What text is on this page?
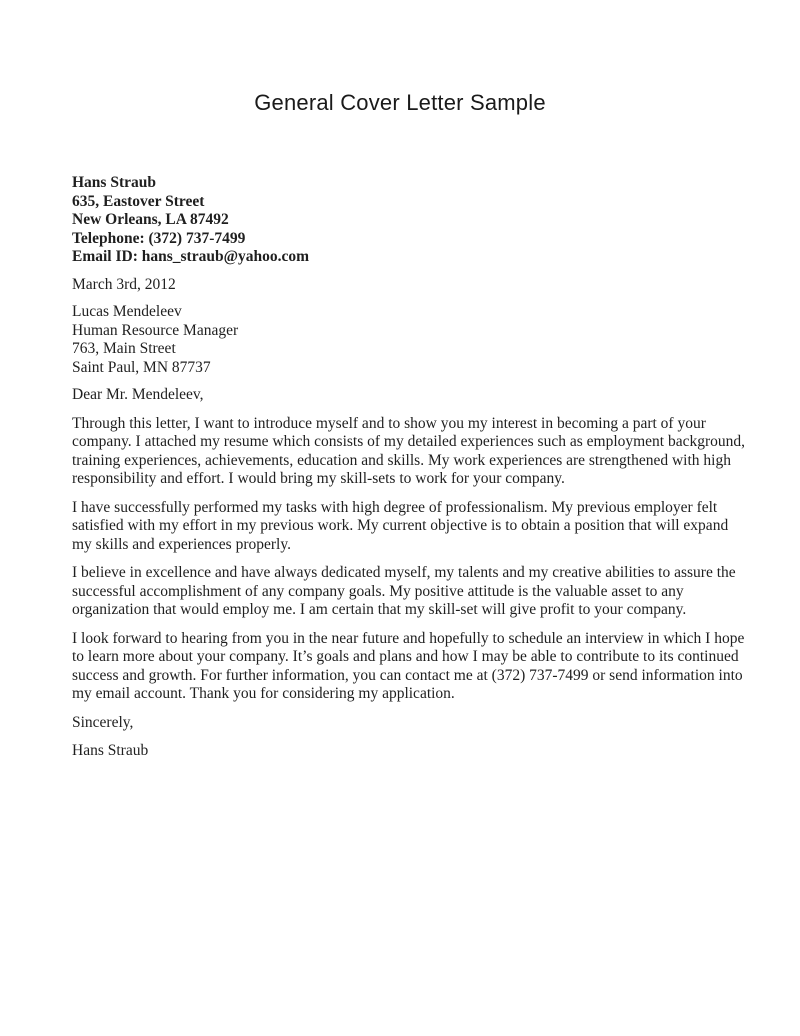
General Cover Letter Sample
Hans Straub
635, Eastover Street
New Orleans, LA 87492
Telephone: (372) 737-7499
Email ID: hans_straub@yahoo.com

March 3rd, 2012

Lucas Mendeleev
Human Resource Manager
763, Main Street
Saint Paul, MN 87737

Dear Mr. Mendeleev,

Through this letter, I want to introduce myself and to show you my interest in becoming a part of your company. I attached my resume which consists of my detailed experiences such as employment background, training experiences, achievements, education and skills. My work experiences are strengthened with high responsibility and effort. I would bring my skill-sets to work for your company.

I have successfully performed my tasks with high degree of professionalism. My previous employer felt satisfied with my effort in my previous work. My current objective is to obtain a position that will expand my skills and experiences properly.

I believe in excellence and have always dedicated myself, my talents and my creative abilities to assure the successful accomplishment of any company goals. My positive attitude is the valuable asset to any organization that would employ me. I am certain that my skill-set will give profit to your company.

I look forward to hearing from you in the near future and hopefully to schedule an interview in which I hope to learn more about your company. It’s goals and plans and how I may be able to contribute to its continued success and growth. For further information, you can contact me at (372) 737-7499 or send information into my email account. Thank you for considering my application.

Sincerely,

Hans Straub
